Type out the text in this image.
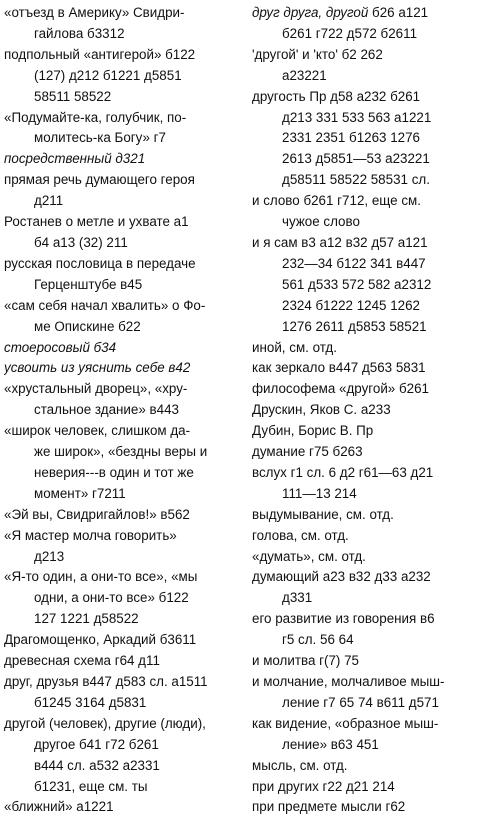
«отъезд в Америку» Свидри-
гайлова б3312
подпольный «антигерой» б122
(127) д212 б1221 д5851
58511 58522
«Подумайте-ка, голубчик, по-
молитесь-ка Богу» г7
посредственный д321
прямая речь думающего героя
д211
Ростанев о метле и ухвате а1
б4 а13 (32) 211
русская пословица в передаче
Герценштубе в45
«сам себя начал хвалить» о Фо-
ме Опискине б22
стоеросовый б34
усвоить из уяснить себе в42
«хрустальный дворец», «хру-
стальное здание» в443
«широк человек, слишком да-
же широк», «бездны веры и
неверия---в один и тот же
момент» г7211
«Эй вы, Свидригайлов!» в562
«Я мастер молча говорить»
д213
«Я-то один, а они-то все», «мы
одни, а они-то все» б122
127 1221 д58522
Драгомощенко, Аркадий б3611
древесная схема г64 д11
друг, друзья в447 д583 сл. а1511
б1245 3164 д5831
другой (человек), другие (люди),
другое б41 г72 б261
в444 сл. а532 а2331
б1231, еще см. ты
«ближний» а1221
друг друга, другой б26 а121
б261 г722 д572 б2611
'другой' и 'кто' б2 262
а23221
другость Пр д58 а232 б261
д213 331 533 563 а1221
2331 2351 б1263 1276
2613 д5851—53 а23221
д58511 58522 58531 сл.
и слово б261 г712, еще см.
чужое слово
и я сам в3 а12 в32 д57 а121
232—34 б122 341 в447
561 д533 572 582 а2312
2324 б1222 1245 1262
1276 2611 д5853 58521
иной, см. отд.
как зеркало в447 д563 5831
философема «другой» б261
Друскин, Яков С. а233
Дубин, Борис В. Пр
думание г75 б263
вслух г1 сл. 6 д2 г61—63 д21
111—13 214
выдумывание, см. отд.
голова, см. отд.
«думать», см. отд.
думающий а23 в32 д33 а232
д331
его развитие из говорения в6
г5 сл. 56 64
и молитва г(7) 75
и молчание, молчаливое мыш-
ление г7 65 74 в611 д571
как видение, «образное мыш-
ление» в63 451
мысль, см. отд.
при других г22 д21 214
при предмете мысли г62
